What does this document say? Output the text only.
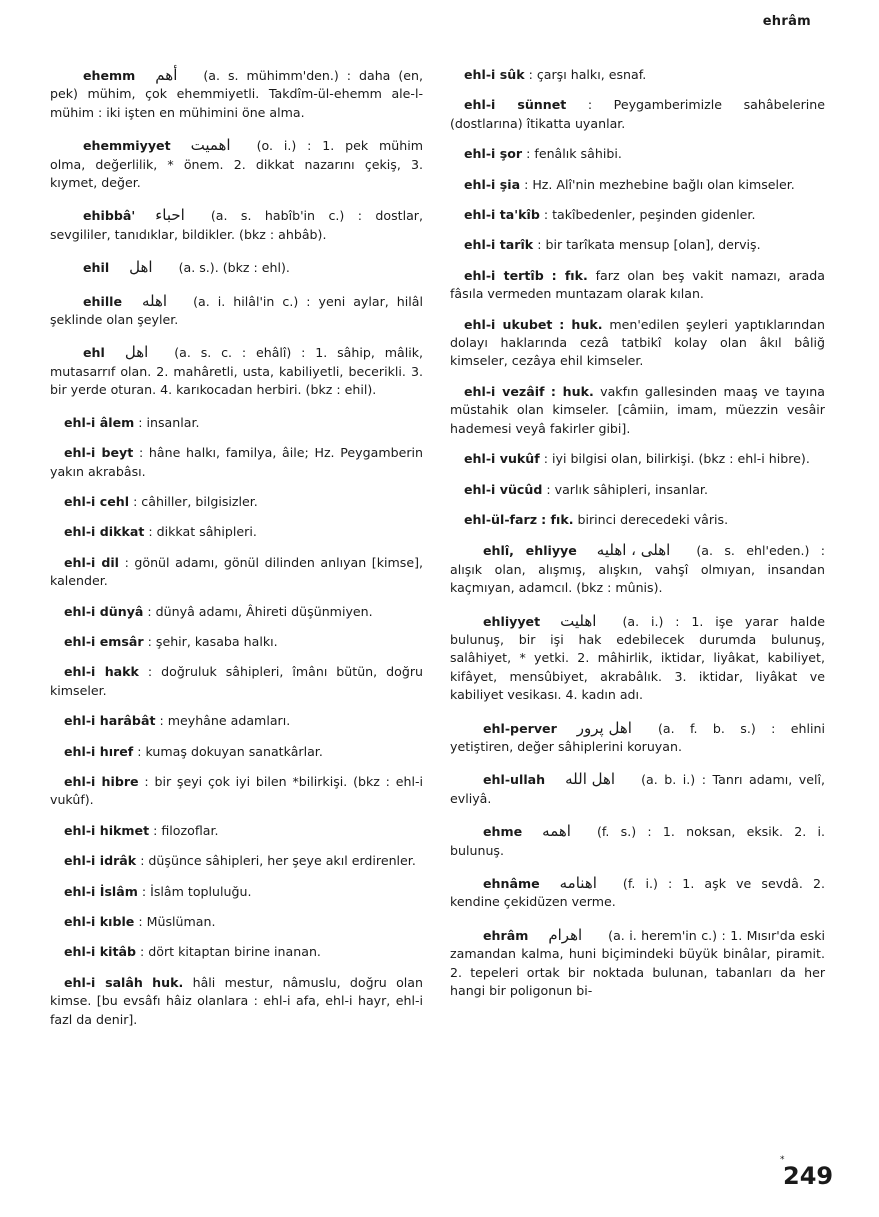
ehrâm

ehemm أهم (a. s. mühimm'den.) : daha (en, pek) mühim, çok ehemmiyetli. Takdîm-ül-ehemm ale-l-mühim : iki işten en mühimini öne alma.

ehemmiyyet اهميت (o. i.) : 1. pek mühim olma, değerlilik, * önem. 2. dikkat nazarını çekiş, 3. kıymet, değer.

ehibbâ' احباء (a. s. habîb'in c.) : dostlar, sevgililer, tanıdıklar, bildikler. (bkz : ahbâb).

ehil اهل (a. s.). (bkz : ehl).

ehille اهله (a. i. hilâl'in c.) : yeni aylar, hilâl şeklinde olan şeyler.

ehl اهل (a. s. c. : ehâlî) : 1. sâhip, mâlik, mutasarrıf olan. 2. mahâretli, usta, kabiliyetli, becerikli. 3. bir yerde oturan. 4. karıkocadan herbiri. (bkz : ehil).

ehl-i âlem : insanlar.

ehl-i beyt : hâne halkı, familya, âile; Hz. Peygamberin yakın akrabâsı.

ehl-i cehl : câhiller, bilgisizler.

ehl-i dikkat : dikkat sâhipleri.

ehl-i dil : gönül adamı, gönül dilinden anlıyan [kimse], kalender.

ehl-i dünyâ : dünyâ adamı, Âhireti düşünmiyen.

ehl-i emsâr : şehir, kasaba halkı.

ehl-i hakk : doğruluk sâhipleri, îmânı bütün, doğru kimseler.

ehl-i harâbât : meyhâne adamları.

ehl-i hıref : kumaş dokuyan sanatkârlar.

ehl-i hibre : bir şeyi çok iyi bilen *bilirkişi. (bkz : ehl-i vukûf).

ehl-i hikmet : filozoflar.

ehl-i idrâk : düşünce sâhipleri, her şeye akıl erdirenler.

ehl-i İslâm : İslâm topluluğu.

ehl-i kıble : Müslüman.

ehl-i kitâb : dört kitaptan birine inanan.

ehl-i salâh huk. hâli mestur, nâmuslu, doğru olan kimse. [bu evsâfı hâiz olanlara : ehl-i afa, ehl-i hayr, ehl-i fazl da denir].

ehl-i sûk : çarşı halkı, esnaf.

ehl-i sünnet : Peygamberimizle sahâbelerine (dostlarına) îtikatta uyanlar.

ehl-i şor : fenâlık sâhibi.

ehl-i şia : Hz. Alî'nin mezhebine bağlı olan kimseler.

ehl-i ta'kîb : takîbedenler, peşinden gidenler.

ehl-i tarîk : bir tarîkata mensup [olan], derviş.

ehl-i tertîb : fık. farz olan beş vakit namazı, arada fâsıla vermeden muntazam olarak kılan.

ehl-i ukubet : huk. men'edilen şeyleri yaptıklarından dolayı haklarında cezâ tatbikî kolay olan âkıl bâliğ kimseler, cezâya ehil kimseler.

ehl-i vezâif : huk. vakfın gallesinden maaş ve tayına müstahik olan kimseler. [câmiin, imam, müezzin vesâir hademesi veyâ fakirler gibi].

ehl-i vukûf : iyi bilgisi olan, bilirkişi. (bkz : ehl-i hibre).

ehl-i vücûd : varlık sâhipleri, insanlar.

ehl-ül-farz : fık. birinci derecedeki vâris.

ehlî, ehliyye اهلى ، اهليه (a. s. ehl'eden.) : alışık olan, alışmış, alışkın, vahşî olmıyan, insandan kaçmıyan, adamcıl. (bkz : mûnis).

ehliyyet اهليت (a. i.) : 1. işe yarar halde bulunuş, bir işi hak edebilecek durumda bulunuş, salâhiyet, * yetki. 2. mâhirlik, iktidar, liyâkat, kabiliyet, kifâyet, mensûbiyet, akrabâlık. 3. iktidar, liyâkat ve kabiliyet vesikası. 4. kadın adı.

ehl-perver اهل پرور (a. f. b. s.) : ehlini yetiştiren, değer sâhiplerini koruyan.

ehl-ullah اهل الله (a. b. i.) : Tanrı adamı, velî, evliyâ.

ehme اهمه (f. s.) : 1. noksan, eksik. 2. i. bulunuş.

ehnâme اهنامه (f. i.) : 1. aşk ve sevdâ. 2. kendine çekidüzen verme.

ehrâm اهرام (a. i. herem'in c.) : 1. Mısır'da eski zamandan kalma, huni biçimindeki büyük binâlar, piramit. 2. tepeleri ortak bir noktada bulunan, tabanları da her hangi bir poligonun bi-

*
249
